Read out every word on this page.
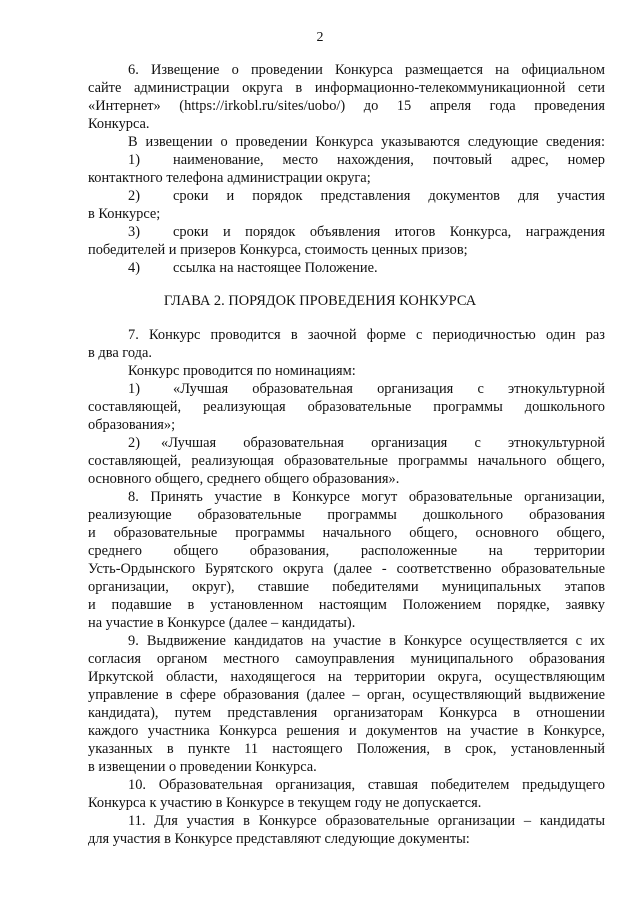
2
6. Извещение о проведении Конкурса размещается на официальном
сайте администрации округа в информационно-телекоммуникационной сети
«Интернет» (https://irkobl.ru/sites/uobo/) до 15 апреля года проведения
Конкурса.
В извещении о проведении Конкурса указываются следующие сведения:
1)	наименование, место нахождения, почтовый адрес, номер
контактного телефона администрации округа;
2)	сроки и порядок представления документов для участия
в Конкурсе;
3)	сроки и порядок объявления итогов Конкурса, награждения
победителей и призеров Конкурса, стоимость ценных призов;
4)	ссылка на настоящее Положение.
ГЛАВА 2. ПОРЯДОК ПРОВЕДЕНИЯ КОНКУРСА
7. Конкурс проводится в заочной форме с периодичностью один раз
в два года.
Конкурс проводится по номинациям:
1)	«Лучшая образовательная организация с этнокультурной
составляющей, реализующая образовательные программы дошкольного
образования»;
2)	«Лучшая образовательная организация с этнокультурной
составляющей, реализующая образовательные программы начального общего,
основного общего, среднего общего образования».
8. Принять участие в Конкурсе могут образовательные организации,
реализующие образовательные программы дошкольного образования
и образовательные программы начального общего, основного общего,
среднего общего образования, расположенные на территории
Усть-Ордынского Бурятского округа (далее - соответственно образовательные
организации, округ), ставшие победителями муниципальных этапов
и подавшие в установленном настоящим Положением порядке, заявку
на участие в Конкурсе (далее – кандидаты).
9. Выдвижение кандидатов на участие в Конкурсе осуществляется с их
согласия органом местного самоуправления муниципального образования
Иркутской области, находящегося на территории округа, осуществляющим
управление в сфере образования (далее – орган, осуществляющий выдвижение
кандидата), путем представления организаторам Конкурса в отношении
каждого участника Конкурса решения и документов на участие в Конкурсе,
указанных в пункте 11 настоящего Положения, в срок, установленный
в извещении о проведении Конкурса.
10. Образовательная организация, ставшая победителем предыдущего
Конкурса к участию в Конкурсе в текущем году не допускается.
11. Для участия в Конкурсе образовательные организации – кандидаты
для участия в Конкурсе представляют следующие документы:
